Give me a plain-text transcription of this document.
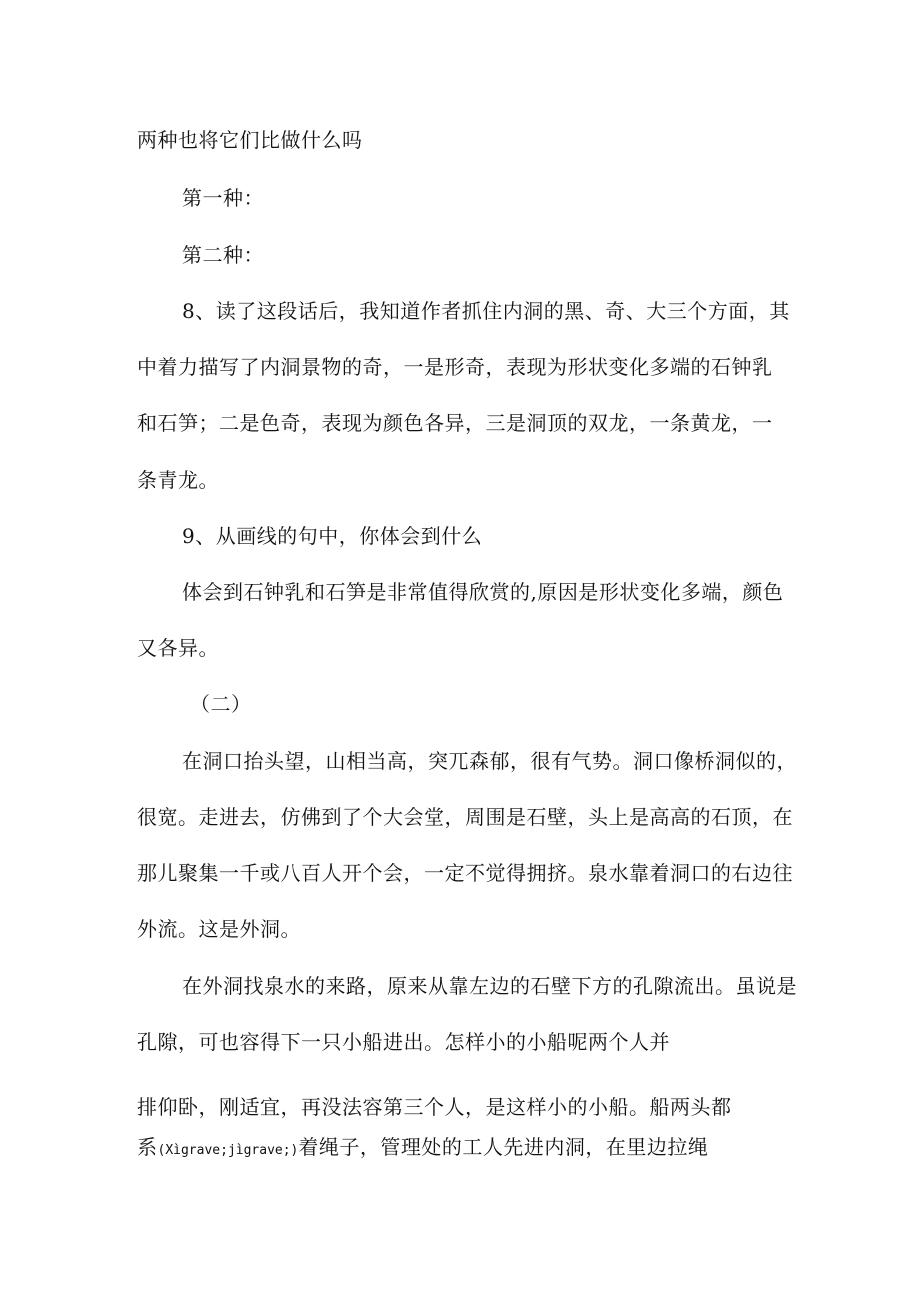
两种也将它们比做什么吗
第一种：
第二种：
8、读了这段话后，我知道作者抓住内洞的黑、奇、大三个方面，其
中着力描写了内洞景物的奇，一是形奇，表现为形状变化多端的石钟乳
和石笋；二是色奇，表现为颜色各异，三是洞顶的双龙，一条黄龙，一
条青龙。
9、从画线的句中，你体会到什么
体会到石钟乳和石笋是非常值得欣赏的,原因是形状变化多端，颜色
又各异。
（二）
在洞口抬头望，山相当高，突兀森郁，很有气势。洞口像桥洞似的，
很宽。走进去，仿佛到了个大会堂，周围是石壁，头上是高高的石顶，在
那儿聚集一千或八百人开个会，一定不觉得拥挤。泉水靠着洞口的右边往
外流。这是外洞。
在外洞找泉水的来路，原来从靠左边的石壁下方的孔隙流出。虽说是
孔隙，可也容得下一只小船进出。怎样小的小船呢两个人并
排仰卧，刚适宜，再没法容第三个人，是这样小的小船。船两头都
系(Xìgrave;jìgrave;)着绳子，管理处的工人先进内洞，在里边拉绳
